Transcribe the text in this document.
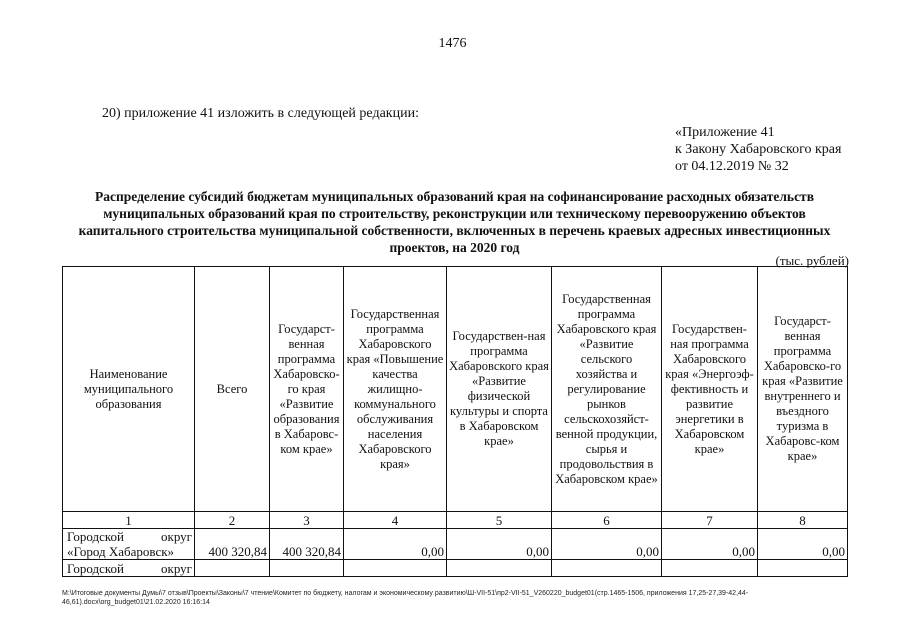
1476
20) приложение 41 изложить в следующей редакции:
«Приложение 41
к Закону Хабаровского края
от 04.12.2019 № 32
Распределение субсидий бюджетам муниципальных образований края на софинансирование расходных обязательств муниципальных образований края по строительству, реконструкции или техническому перевооружению объектов капитального строительства муниципальной собственности, включенных в перечень краевых адресных инвестиционных проектов, на 2020 год
(тыс. рублей)
Наименование муниципального образования	Всего	Государст-венная программа Хабаровско-го края «Развитие образования в Хабаровс-ком крае»	Государственная программа Хабаровского края «Повышение качества жилищно-коммунального обслуживания населения Хабаровского края»	Государствен-ная программа Хабаровского края «Развитие физической культуры и спорта в Хабаровском крае»	Государственная программа Хабаровского края «Развитие сельского хозяйства и регулирование рынков сельскохозяйст-венной продукции, сырья и продовольствия в Хабаровском крае»	Государствен-ная программа Хабаровского края «Энергоэф-фективность и развитие энергетики в Хабаровском крае»	Государст-венная программа Хабаровско-го края «Развитие внутреннего и въездного туризма в Хабаровс-ком крае»
1	2	3	4	5	6	7	8

Городской округ
«Город Хабаровск»	400 320,84	400 320,84	0,00	0,00	0,00	0,00	0,00

Городской округ							

М:\Итоговые документы Думы\7 отзыв\Проекты\Законы\7 чтение\Комитет по бюджету, налогам и экономическому развитию\Ш-VII-51\пр2-VII-51_V260220_budget01(стр.1465-1506, приложения 17,25-27,39-42,44-46,61).docx\org_budget01\21.02.2020 16:16:14
